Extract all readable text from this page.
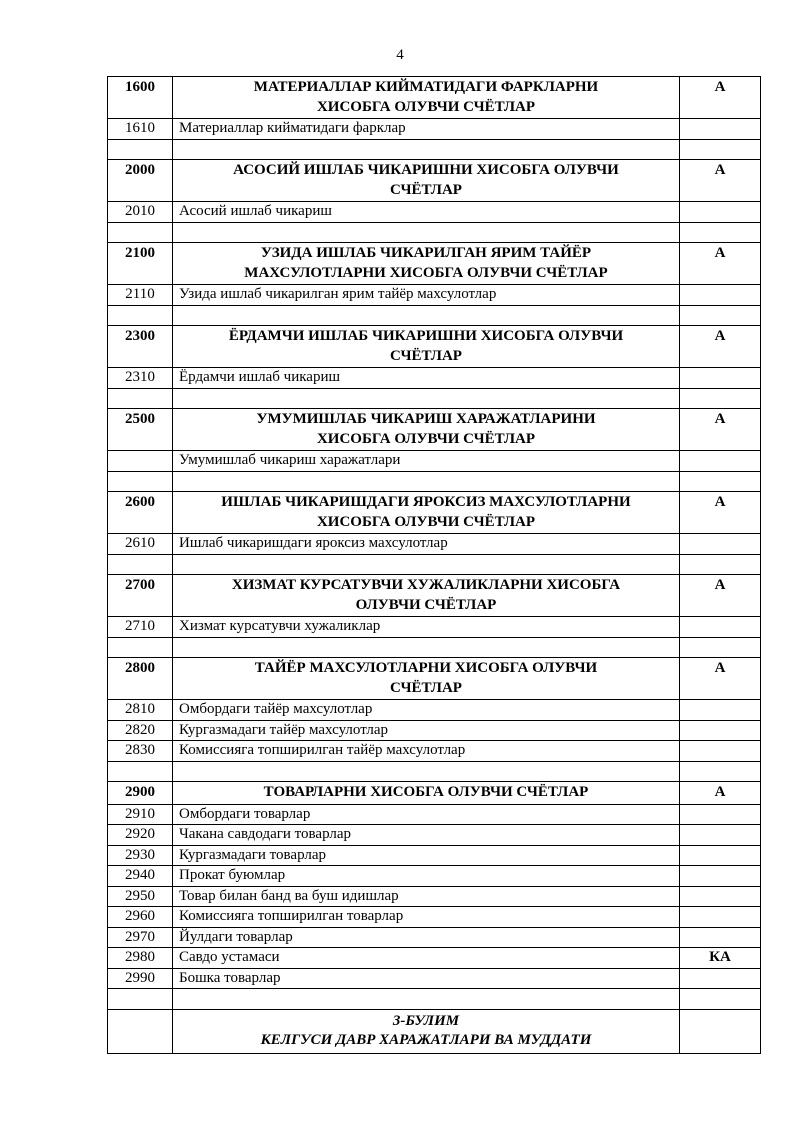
4
1600	МАТЕРИАЛЛАР КИЙМАТИДАГИ ФАРКЛАРНИ
ХИСОБГА ОЛУВЧИ СЧЁТЛАР	А
1610	Материаллар кийматидаги фарклар	

2000	АСОСИЙ ИШЛАБ ЧИКАРИШНИ ХИСОБГА ОЛУВЧИ
СЧЁТЛАР	А
2010	Асосий ишлаб чикариш	

2100	УЗИДА ИШЛАБ ЧИКАРИЛГАН ЯРИМ ТАЙЁР
МАХСУЛОТЛАРНИ ХИСОБГА ОЛУВЧИ СЧЁТЛАР	А
2110	Узида ишлаб чикарилган ярим тайёр махсулотлар	

2300	ЁРДАМЧИ ИШЛАБ ЧИКАРИШНИ ХИСОБГА ОЛУВЧИ
СЧЁТЛАР	А
2310	Ёрдамчи ишлаб чикариш	

2500	УМУМИШЛАБ ЧИКАРИШ ХАРАЖАТЛАРИНИ
ХИСОБГА ОЛУВЧИ СЧЁТЛАР	А
	Умумишлаб чикариш харажатлари	

2600	ИШЛАБ ЧИКАРИШДАГИ ЯРОКСИЗ МАХСУЛОТЛАРНИ
ХИСОБГА ОЛУВЧИ СЧЁТЛАР	А
2610	Ишлаб чикаришдаги яроксиз махсулотлар	

2700	ХИЗМАТ КУРСАТУВЧИ ХУЖАЛИКЛАРНИ ХИСОБГА
ОЛУВЧИ СЧЁТЛАР	А
2710	Хизмат курсатувчи хужаликлар	

2800	ТАЙЁР МАХСУЛОТЛАРНИ ХИСОБГА ОЛУВЧИ
СЧЁТЛАР	А
2810	Омбордаги тайёр махсулотлар	
2820	Кургазмадаги тайёр махсулотлар	
2830	Комиссияга топширилган тайёр махсулотлар	

2900	ТОВАРЛАРНИ ХИСОБГА ОЛУВЧИ СЧЁТЛАР	А
2910	Омбордаги товарлар	
2920	Чакана савдодаги товарлар	
2930	Кургазмадаги товарлар	
2940	Прокат буюмлар	
2950	Товар билан банд ва буш идишлар	
2960	Комиссияга топширилган товарлар	
2970	Йулдаги товарлар	
2980	Савдо устамаси	КА
2990	Бошка товарлар	

	3-БУЛИМ
КЕЛГУСИ ДАВР ХАРАЖАТЛАРИ ВА МУДДАТИ	
